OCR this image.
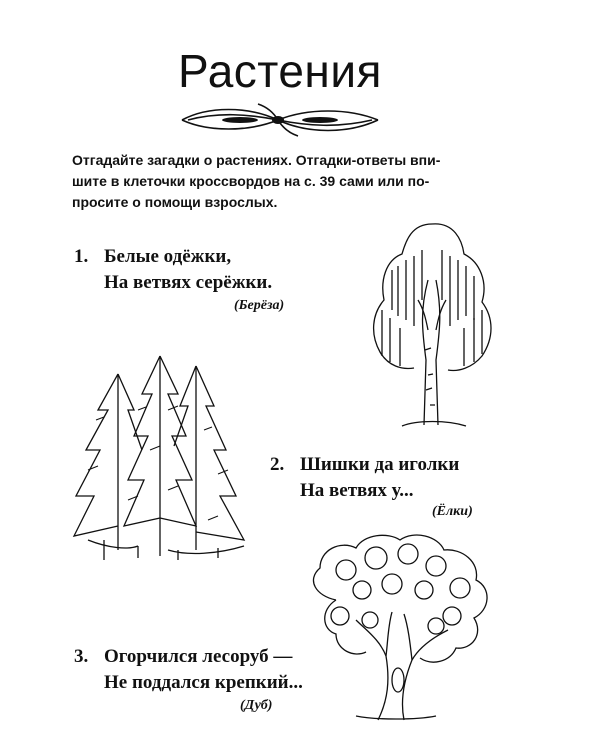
Растения
Отгадайте загадки о растениях. Отгадки-ответы впи-
шите в клеточки кроссвордов на с. 39 сами или по-
просите о помощи взрослых.
1. Белые одёжки,
На ветвях серёжки.
(Берёза)
2. Шишки да иголки
На ветвях у...
(Ёлки)
3. Огорчился лесоруб —
Не поддался крепкий...
(Дуб)
